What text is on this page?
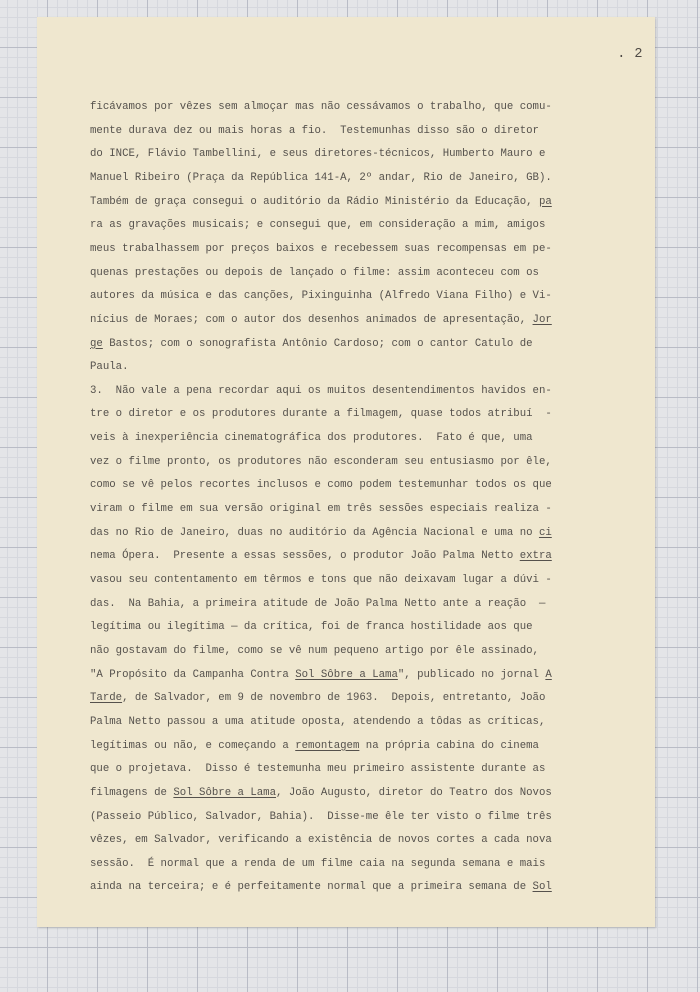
. 2
ficávamos por vêzes sem almoçar mas não cessávamos o trabalho, que comu-
mente durava dez ou mais horas a fio.  Testemunhas disso são o diretor
do INCE, Flávio Tambellini, e seus diretores-técnicos, Humberto Mauro e
Manuel Ribeiro (Praça da República 141-A, 2º andar, Rio de Janeiro, GB).
Também de graça consegui o auditório da Rádio Ministério da Educação, pa
ra as gravações musicais; e consegui que, em consideração a mim, amigos
meus trabalhassem por preços baixos e recebessem suas recompensas em pe-
quenas prestações ou depois de lançado o filme: assim aconteceu com os
autores da música e das canções, Pixinguinha (Alfredo Viana Filho) e Vi-
nícius de Moraes; com o autor dos desenhos animados de apresentação, Jor
ge Bastos; com o sonografista Antônio Cardoso; com o cantor Catulo de
Paula.
3.  Não vale a pena recordar aqui os muitos desentendimentos havidos en-
tre o diretor e os produtores durante a filmagem, quase todos atribuí  -
veis à inexperiência cinematográfica dos produtores.  Fato é que, uma
vez o filme pronto, os produtores não esconderam seu entusiasmo por êle,
como se vê pelos recortes inclusos e como podem testemunhar todos os que
viram o filme em sua versão original em três sessões especiais realiza -
das no Rio de Janeiro, duas no auditório da Agência Nacional e uma no ci
nema Ópera.  Presente a essas sessões, o produtor João Palma Netto extra
vasou seu contentamento em têrmos e tons que não deixavam lugar a dúvi -
das.  Na Bahia, a primeira atitude de João Palma Netto ante a reação  —
legítima ou ilegítima — da crítica, foi de franca hostilidade aos que
não gostavam do filme, como se vê num pequeno artigo por êle assinado,
"A Propósito da Campanha Contra Sol Sôbre a Lama", publicado no jornal A
Tarde, de Salvador, em 9 de novembro de 1963.  Depois, entretanto, João
Palma Netto passou a uma atitude oposta, atendendo a tôdas as críticas,
legítimas ou não, e começando a remontagem na própria cabina do cinema
que o projetava.  Disso é testemunha meu primeiro assistente durante as
filmagens de Sol Sôbre a Lama, João Augusto, diretor do Teatro dos Novos
(Passeio Público, Salvador, Bahia).  Disse-me êle ter visto o filme três
vêzes, em Salvador, verificando a existência de novos cortes a cada nova
sessão.  É normal que a renda de um filme caia na segunda semana e mais
ainda na terceira; e é perfeitamente normal que a primeira semana de Sol
